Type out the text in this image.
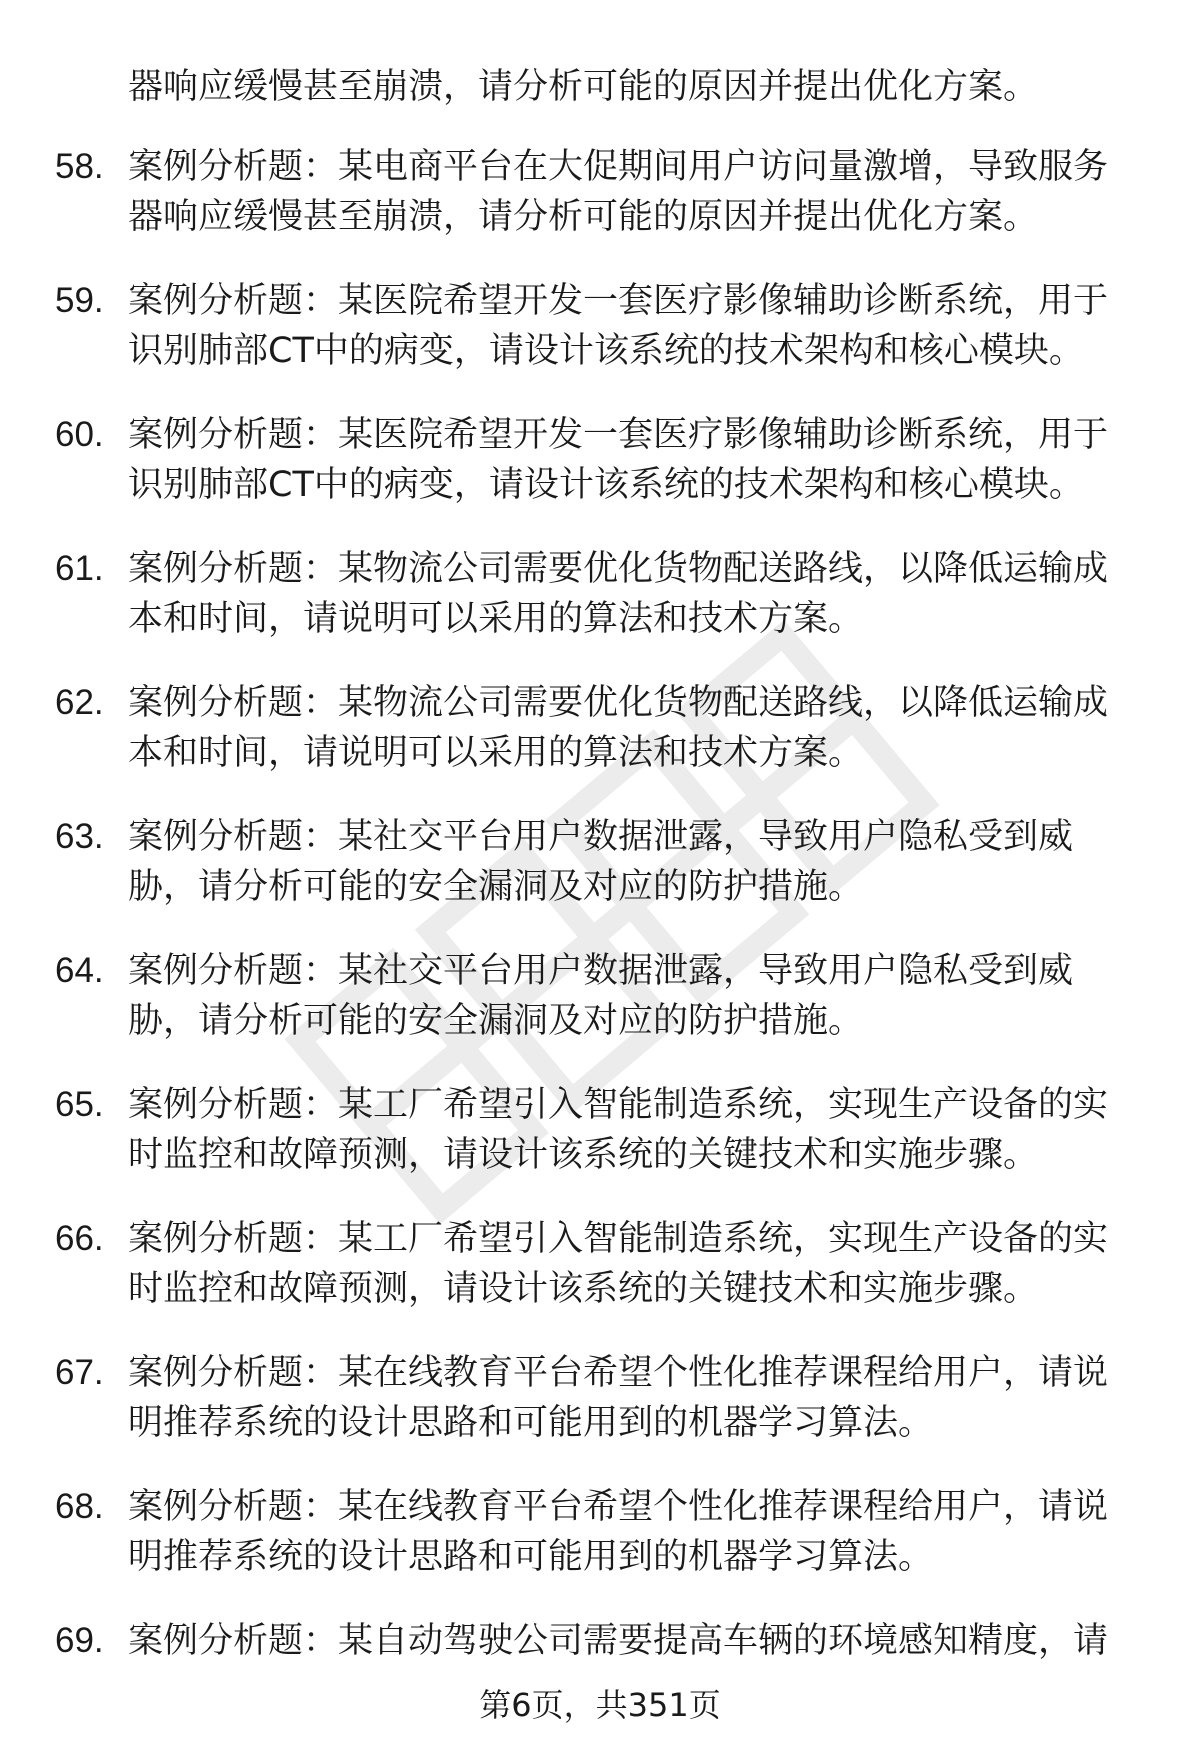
器响应缓慢甚至崩溃，请分析可能的原因并提出优化方案。

58. 案例分析题：某电商平台在大促期间用户访问量激增，导致服务器响应缓慢甚至崩溃，请分析可能的原因并提出优化方案。

59. 案例分析题：某医院希望开发一套医疗影像辅助诊断系统，用于识别肺部CT中的病变，请设计该系统的技术架构和核心模块。

60. 案例分析题：某医院希望开发一套医疗影像辅助诊断系统，用于识别肺部CT中的病变，请设计该系统的技术架构和核心模块。

61. 案例分析题：某物流公司需要优化货物配送路线，以降低运输成本和时间，请说明可以采用的算法和技术方案。

62. 案例分析题：某物流公司需要优化货物配送路线，以降低运输成本和时间，请说明可以采用的算法和技术方案。

63. 案例分析题：某社交平台用户数据泄露，导致用户隐私受到威胁，请分析可能的安全漏洞及对应的防护措施。

64. 案例分析题：某社交平台用户数据泄露，导致用户隐私受到威胁，请分析可能的安全漏洞及对应的防护措施。

65. 案例分析题：某工厂希望引入智能制造系统，实现生产设备的实时监控和故障预测，请设计该系统的关键技术和实施步骤。

66. 案例分析题：某工厂希望引入智能制造系统，实现生产设备的实时监控和故障预测，请设计该系统的关键技术和实施步骤。

67. 案例分析题：某在线教育平台希望个性化推荐课程给用户，请说明推荐系统的设计思路和可能用到的机器学习算法。

68. 案例分析题：某在线教育平台希望个性化推荐课程给用户，请说明推荐系统的设计思路和可能用到的机器学习算法。

69. 案例分析题：某自动驾驶公司需要提高车辆的环境感知精度，请

第6页，共351页
